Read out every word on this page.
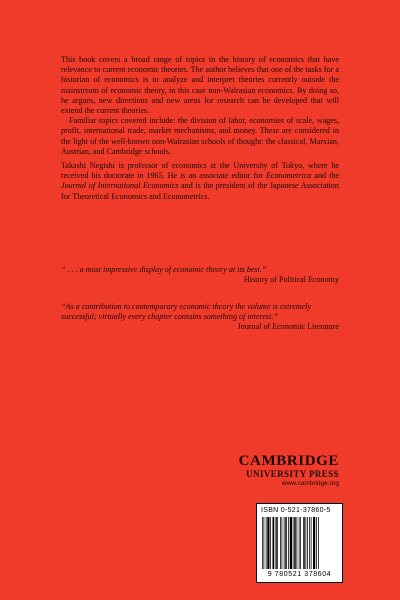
This book covers a broad range of topics in the history of economics that have relevance to current economic theories. The author believes that one of the tasks for a historian of economics is to analyze and interpret theories currently outside the mainstream of economic theory, in this case non-Walrasian economics. By doing so, he argues, new directions and new areas for research can be developed that will extend the current theories.

Familiar topics covered include: the division of labor, economies of scale, wages, profit, international trade, market mechanisms, and money. These are considered in the light of the well-known non-Walrasian schools of thought: the classical, Marxian, Austrian, and Cambridge schools.

Takashi Negishi is professor of economics at the University of Tokyo, where he received his doctorate in 1965. He is an associate editor for Econometrica and the Journal of International Economics and is the president of the Japanese Association for Theoretical Economics and Econometrics.

“ . . . a most impressive display of economic theory at its best.”

History of Political Economy

“As a contribution to contemporary economic theory the volume is extremely successful; virtually every chapter contains something of interest.”

Journal of Economic Literature

CAMBRIDGE
UNIVERSITY PRESS
www.cambridge.org
ISBN 0-521-37860-5
9 780521 378604
